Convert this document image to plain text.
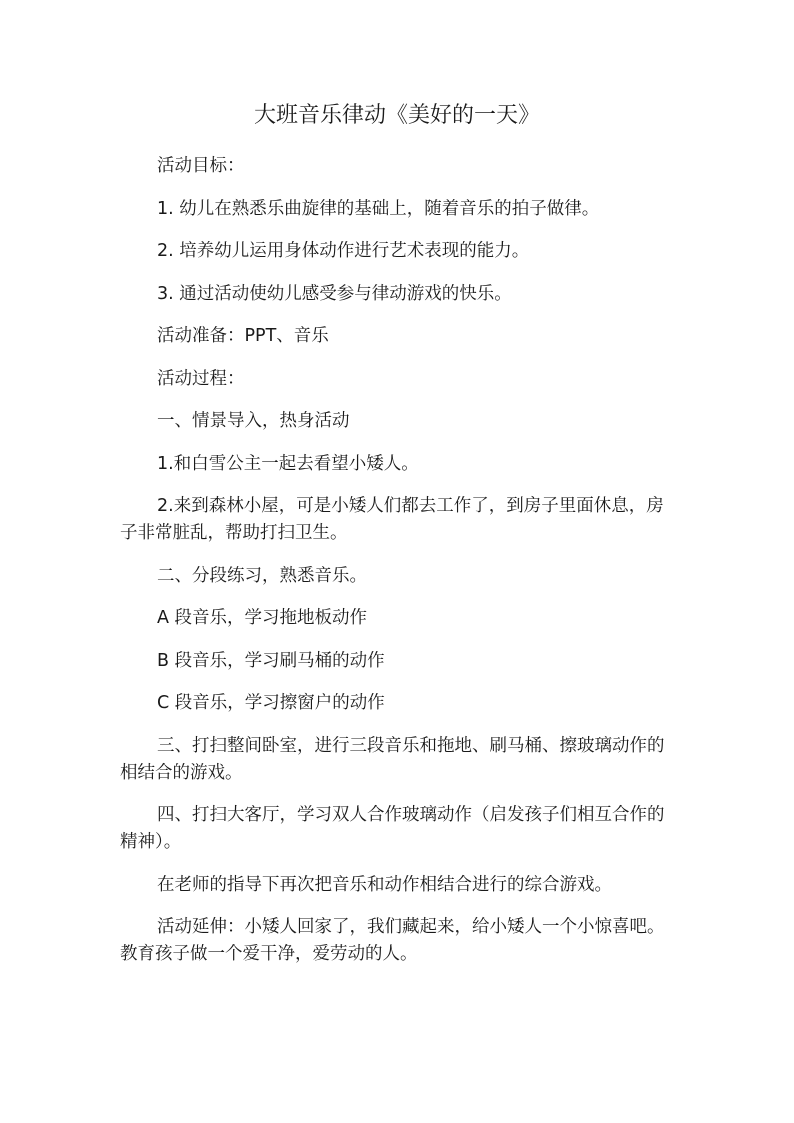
大班音乐律动《美好的一天》

活动目标：

1. 幼儿在熟悉乐曲旋律的基础上，随着音乐的拍子做律。

2. 培养幼儿运用身体动作进行艺术表现的能力。

3. 通过活动使幼儿感受参与律动游戏的快乐。

活动准备：PPT、音乐

活动过程：

一、情景导入，热身活动

1.和白雪公主一起去看望小矮人。

2.来到森林小屋，可是小矮人们都去工作了，到房子里面休息，房子非常脏乱，帮助打扫卫生。

二、分段练习，熟悉音乐。

A 段音乐，学习拖地板动作

B 段音乐，学习刷马桶的动作

C 段音乐，学习擦窗户的动作

三、打扫整间卧室，进行三段音乐和拖地、刷马桶、擦玻璃动作的相结合的游戏。

四、打扫大客厅，学习双人合作玻璃动作（启发孩子们相互合作的精神）。

在老师的指导下再次把音乐和动作相结合进行的综合游戏。

活动延伸：小矮人回家了，我们藏起来，给小矮人一个小惊喜吧。教育孩子做一个爱干净，爱劳动的人。
